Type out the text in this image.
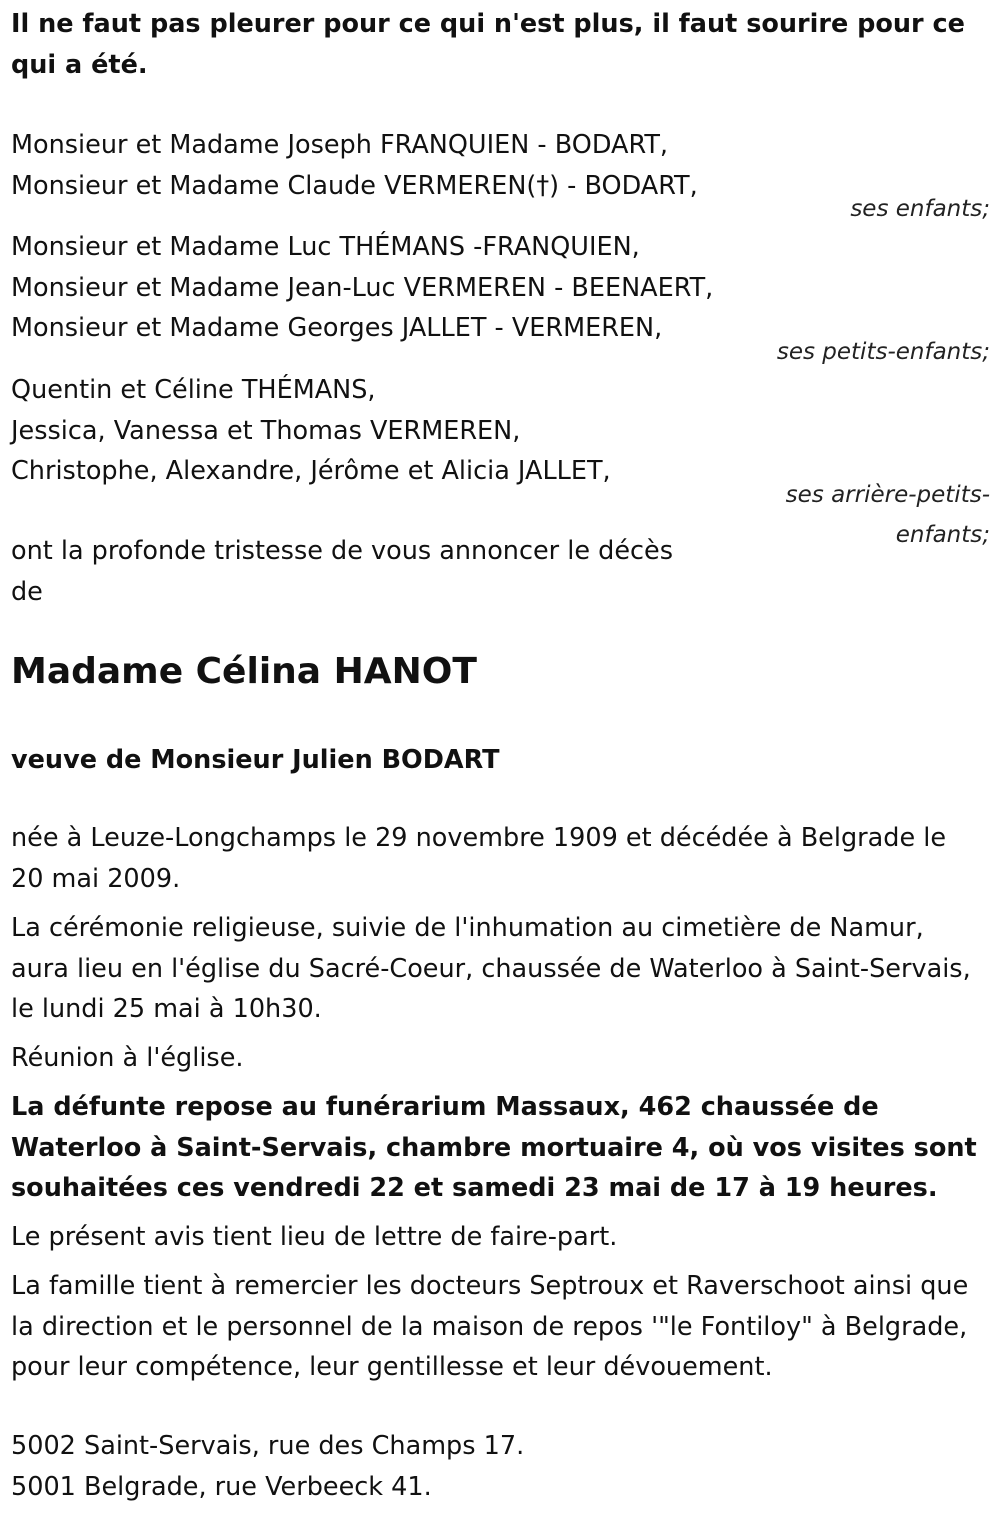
Il ne faut pas pleurer pour ce qui n'est plus, il faut sourire pour ce qui a été.
Monsieur et Madame Joseph FRANQUIEN - BODART,
Monsieur et Madame Claude VERMEREN(†) - BODART,
ses enfants;
Monsieur et Madame Luc THÉMANS -FRANQUIEN,
Monsieur et Madame Jean-Luc VERMEREN - BEENAERT,
Monsieur et Madame Georges JALLET - VERMEREN,
ses petits-enfants;
Quentin et Céline THÉMANS,
Jessica, Vanessa et Thomas VERMEREN,
Christophe, Alexandre, Jérôme et Alicia JALLET,
ses arrière-petits-
enfants;
ont la profonde tristesse de vous annoncer le décès
de
Madame Célina HANOT
veuve de Monsieur Julien BODART
née à Leuze-Longchamps le 29 novembre 1909 et décédée à Belgrade le 20 mai 2009.
La cérémonie religieuse, suivie de l'inhumation au cimetière de Namur, aura lieu en l'église du Sacré-Coeur, chaussée de Waterloo à Saint-Servais, le lundi 25 mai à 10h30.
Réunion à l'église.
La défunte repose au funérarium Massaux, 462 chaussée de Waterloo à Saint-Servais, chambre mortuaire 4, où vos visites sont souhaitées ces vendredi 22 et samedi 23 mai de 17 à 19 heures.
Le présent avis tient lieu de lettre de faire-part.
La famille tient à remercier les docteurs Septroux et Raverschoot ainsi que la direction et le personnel de la maison de repos '"le Fontiloy" à Belgrade, pour leur compétence, leur gentillesse et leur dévouement.
5002 Saint-Servais, rue des Champs 17.
5001 Belgrade, rue Verbeeck 41.
